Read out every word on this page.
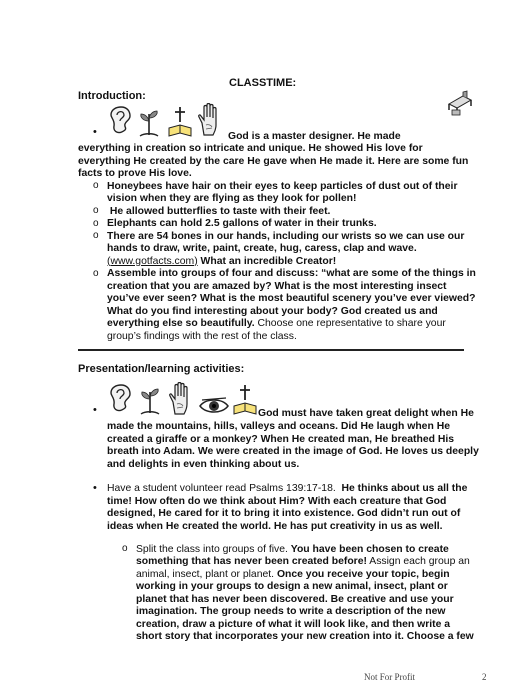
CLASSTIME:
Introduction:
•	God is a master designer. He made
everything in creation so intricate and unique. He showed His love for
everything He created by the care He gave when He made it. Here are some fun
facts to prove His love.
o Honeybees have hair on their eyes to keep particles of dust out of their
vision when they are flying as they look for pollen!
o He allowed butterflies to taste with their feet.
o Elephants can hold 2.5 gallons of water in their trunks.
o There are 54 bones in our hands, including our wrists so we can use our
hands to draw, write, paint, create, hug, caress, clap and wave.
(www.gotfacts.com) What an incredible Creator!
o Assemble into groups of four and discuss: “what are some of the things in
creation that you are amazed by? What is the most interesting insect
you’ve ever seen? What is the most beautiful scenery you’ve ever viewed?
What do you find interesting about your body? God created us and
everything else so beautifully. Choose one representative to share your
group’s findings with the rest of the class.
Presentation/learning activities:
•	God must have taken great delight when He
made the mountains, hills, valleys and oceans. Did He laugh when He
created a giraffe or a monkey? When He created man, He breathed His
breath into Adam. We were created in the image of God. He loves us deeply
and delights in even thinking about us.
• Have a student volunteer read Psalms 139:17-18.  He thinks about us all the
time! How often do we think about Him? With each creature that God
designed, He cared for it to bring it into existence. God didn’t run out of
ideas when He created the world. He has put creativity in us as well.
o Split the class into groups of five. You have been chosen to create
something that has never been created before! Assign each group an
animal, insect, plant or planet. Once you receive your topic, begin
working in your groups to design a new animal, insect, plant or
planet that has never been discovered. Be creative and use your
imagination. The group needs to write a description of the new
creation, draw a picture of what it will look like, and then write a
short story that incorporates your new creation into it. Choose a few
Not For Profit	2
